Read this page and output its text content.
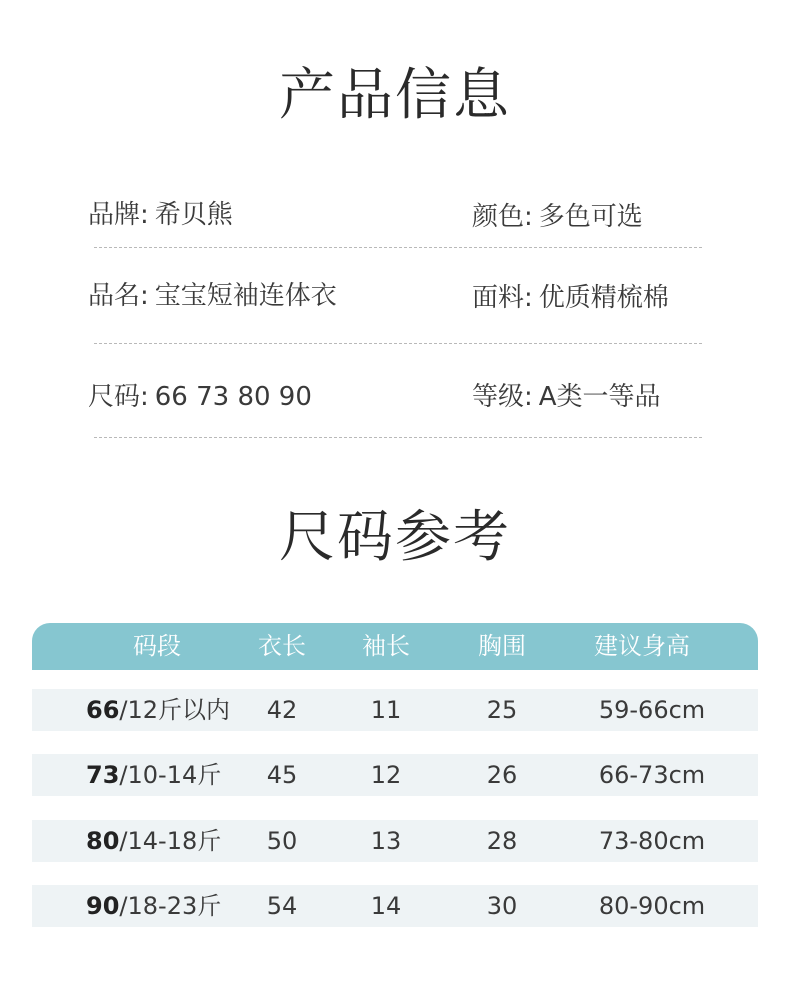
产品信息
品牌: 希贝熊	颜色: 多色可选
品名: 宝宝短袖连体衣	面料: 优质精梳棉
尺码: 66 73 80 90	等级: A类一等品
尺码参考
码段	衣长	袖长	胸围	建议身高
66/12斤以内	42	11	25	59-66cm
73/10-14斤	45	12	26	66-73cm
80/14-18斤	50	13	28	73-80cm
90/18-23斤	54	14	30	80-90cm
